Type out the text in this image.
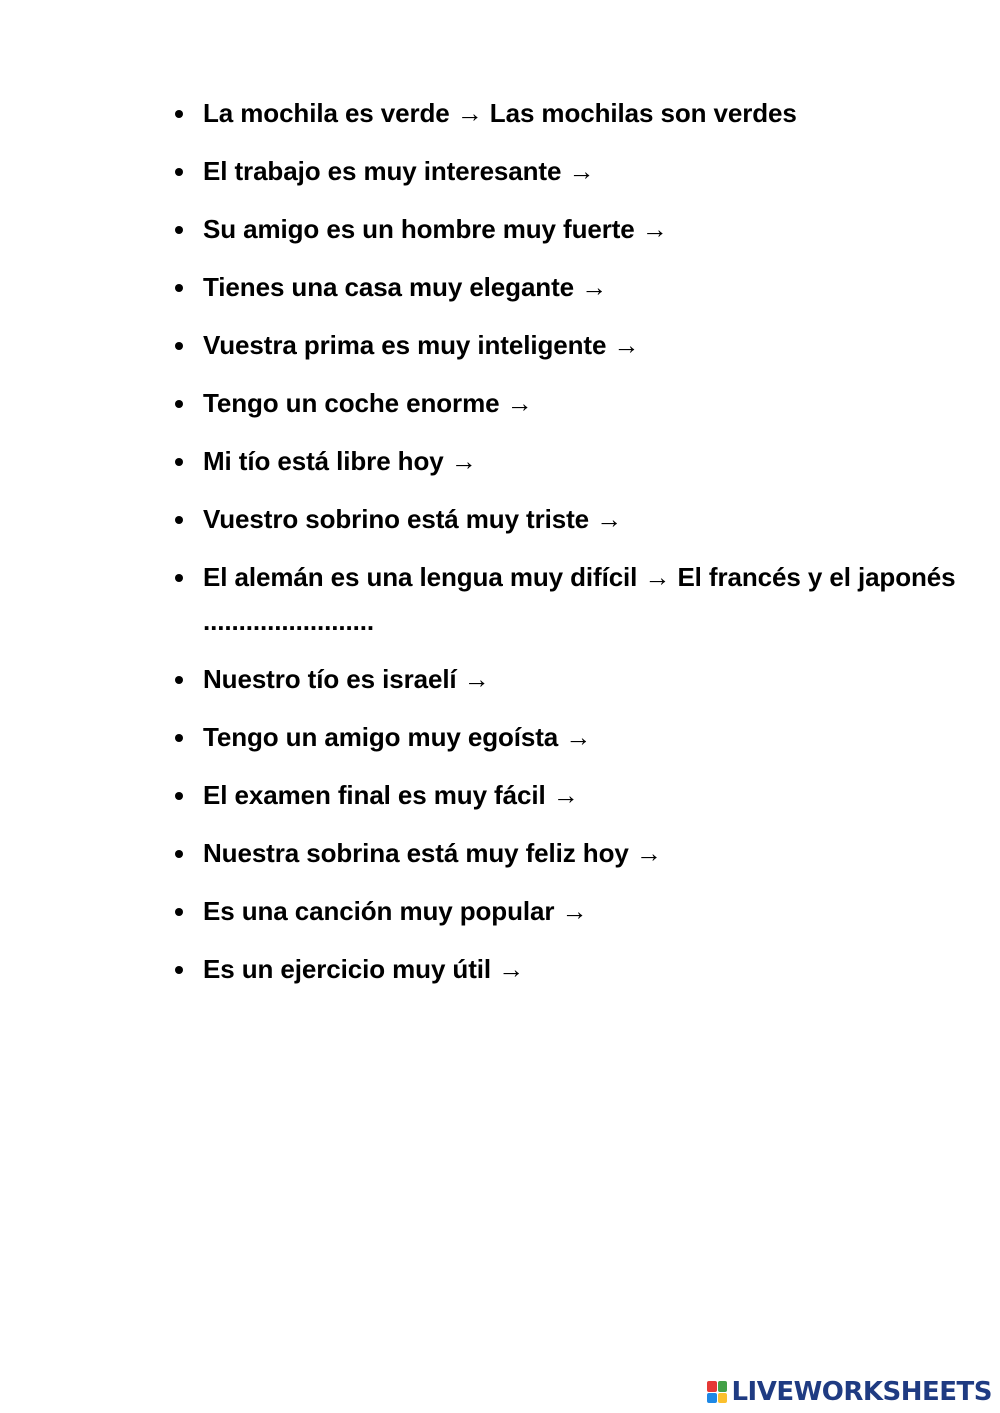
La mochila es verde → Las mochilas son verdes
El trabajo es muy interesante →
Su amigo es un hombre muy fuerte →
Tienes una casa muy elegante →
Vuestra prima es muy inteligente →
Tengo un coche enorme →
Mi tío está libre hoy →
Vuestro sobrino está muy triste →
El alemán es una lengua muy difícil → El francés y el japonés ........................
Nuestro tío es israelí →
Tengo un amigo muy egoísta →
El examen final es muy fácil →
Nuestra sobrina está muy feliz hoy →
Es una canción muy popular →
Es un ejercicio muy útil →
LIVEWORKSHEETS
